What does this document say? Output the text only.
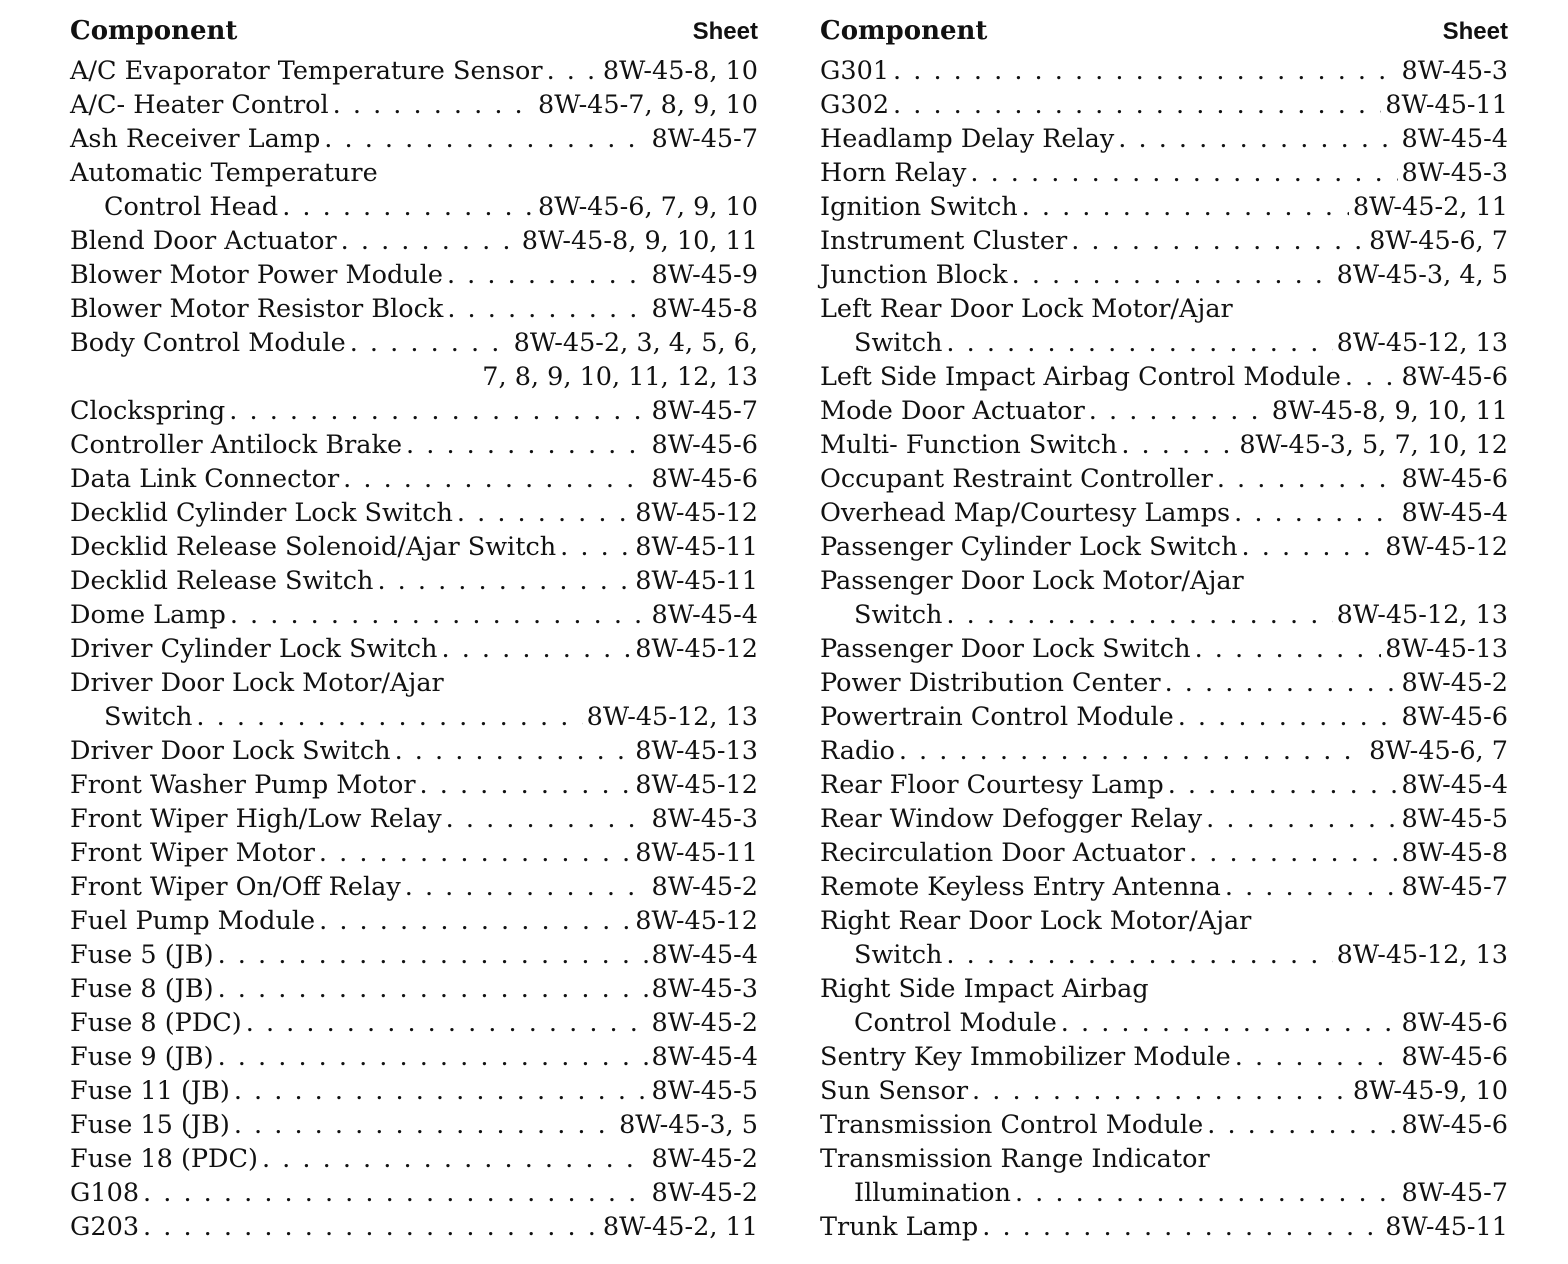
Component	Sheet
A/C Evaporator Temperature Sensor . . . 8W-45-8, 10
A/C- Heater Control . . .	8W-45-7, 8, 9, 10
Ash Receiver Lamp . . .	8W-45-7
Automatic Temperature
Control Head . . .	8W-45-6, 7, 9, 10
Blend Door Actuator . . .	8W-45-8, 9, 10, 11
Blower Motor Power Module . . .	8W-45-9
Blower Motor Resistor Block . . .	8W-45-8
Body Control Module . . .	8W-45-2, 3, 4, 5, 6,
7, 8, 9, 10, 11, 12, 13
Clockspring . . .	8W-45-7
Controller Antilock Brake . . .	8W-45-6
Data Link Connector . . .	8W-45-6
Decklid Cylinder Lock Switch . . .	8W-45-12
Decklid Release Solenoid/Ajar Switch . . .	8W-45-11
Decklid Release Switch . . .	8W-45-11
Dome Lamp . . .	8W-45-4
Driver Cylinder Lock Switch . . .	8W-45-12
Driver Door Lock Motor/Ajar
Switch . . .	8W-45-12, 13
Driver Door Lock Switch . . .	8W-45-13
Front Washer Pump Motor . . .	8W-45-12
Front Wiper High/Low Relay . . .	8W-45-3
Front Wiper Motor . . .	8W-45-11
Front Wiper On/Off Relay . . .	8W-45-2
Fuel Pump Module . . .	8W-45-12
Fuse 5 (JB) . . .	8W-45-4
Fuse 8 (JB) . . .	8W-45-3
Fuse 8 (PDC) . . .	8W-45-2
Fuse 9 (JB) . . .	8W-45-4
Fuse 11 (JB) . . .	8W-45-5
Fuse 15 (JB) . . .	8W-45-3, 5
Fuse 18 (PDC) . . .	8W-45-2
G108 . . .	8W-45-2
G203 . . .	8W-45-2, 11
Component	Sheet
G301 . . .	8W-45-3
G302 . . .	8W-45-11
Headlamp Delay Relay . . .	8W-45-4
Horn Relay . . .	8W-45-3
Ignition Switch . . .	8W-45-2, 11
Instrument Cluster . . .	8W-45-6, 7
Junction Block . . .	8W-45-3, 4, 5
Left Rear Door Lock Motor/Ajar
Switch . . .	8W-45-12, 13
Left Side Impact Airbag Control Module . . . 8W-45-6
Mode Door Actuator . . .	8W-45-8, 9, 10, 11
Multi- Function Switch . . .	8W-45-3, 5, 7, 10, 12
Occupant Restraint Controller . . .	8W-45-6
Overhead Map/Courtesy Lamps . . .	8W-45-4
Passenger Cylinder Lock Switch . . .	8W-45-12
Passenger Door Lock Motor/Ajar
Switch . . .	8W-45-12, 13
Passenger Door Lock Switch . . .	8W-45-13
Power Distribution Center . . .	8W-45-2
Powertrain Control Module . . .	8W-45-6
Radio . . .	8W-45-6, 7
Rear Floor Courtesy Lamp . . .	8W-45-4
Rear Window Defogger Relay . . .	8W-45-5
Recirculation Door Actuator . . .	8W-45-8
Remote Keyless Entry Antenna . . .	8W-45-7
Right Rear Door Lock Motor/Ajar
Switch . . .	8W-45-12, 13
Right Side Impact Airbag
Control Module . . .	8W-45-6
Sentry Key Immobilizer Module . . .	8W-45-6
Sun Sensor . . .	8W-45-9, 10
Transmission Control Module . . .	8W-45-6
Transmission Range Indicator
Illumination . . .	8W-45-7
Trunk Lamp . . .	8W-45-11
